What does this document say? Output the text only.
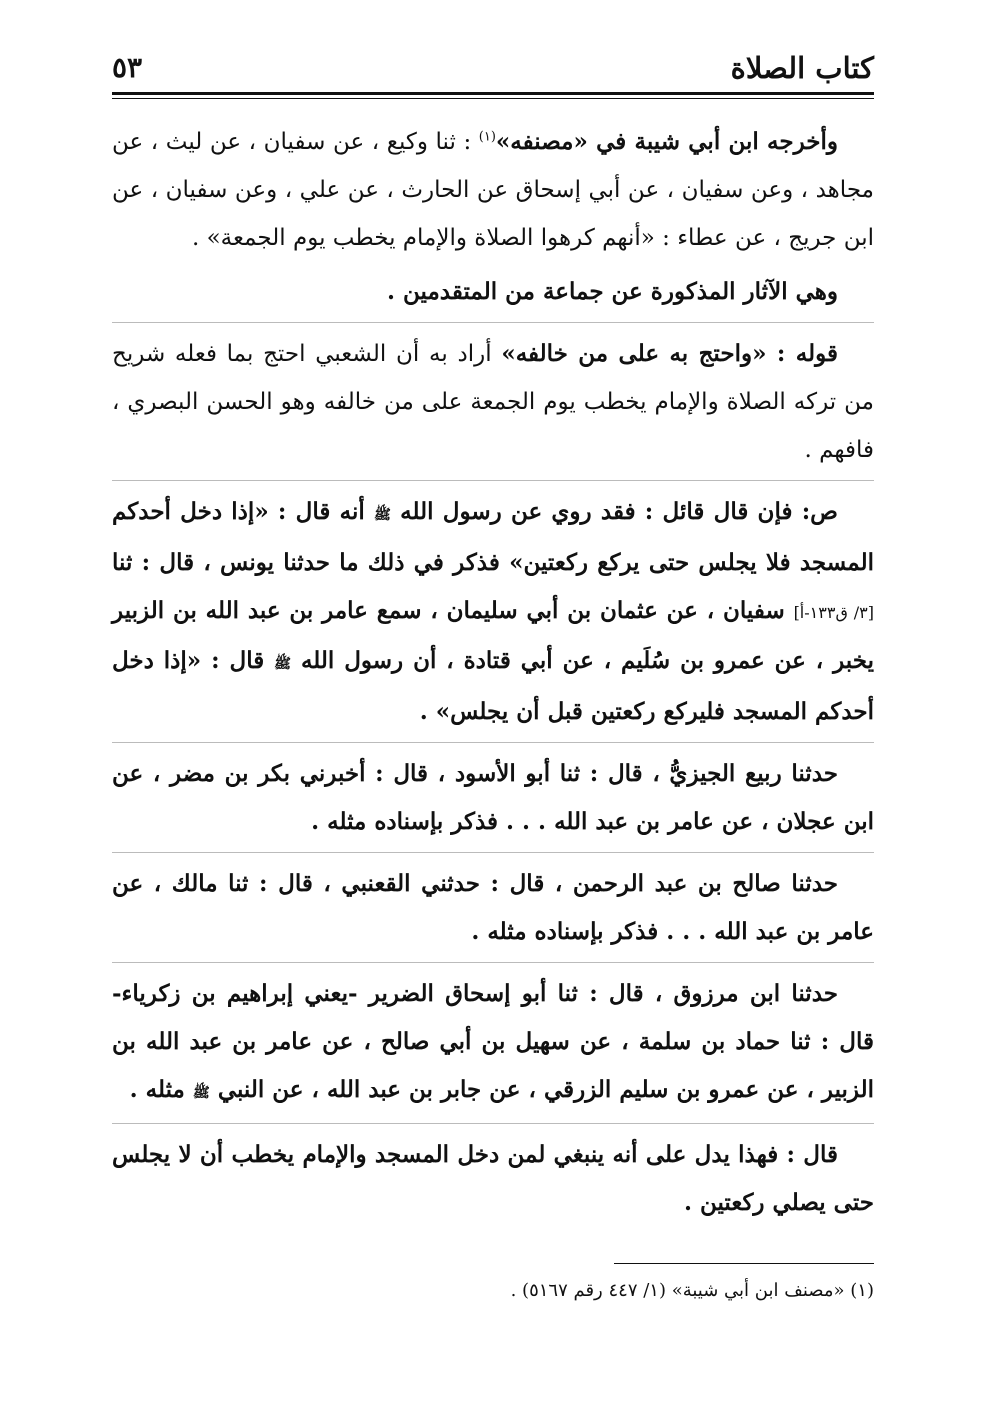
كتاب الصلاة
٥٣

وأخرجه ابن أبي شيبة في «مصنفه»$^{(١)}$ : ثنا وكيع ، عن سفيان ، عن ليث ، عن مجاهد ، وعن سفيان ، عن أبي إسحاق عن الحارث ، عن علي ، وعن سفيان ، عن ابن جريج ، عن عطاء : «أنهم كرهوا الصلاة والإمام يخطب يوم الجمعة» .

وهي الآثار المذكورة عن جماعة من المتقدمين .

قوله : «واحتج به على من خالفه» أراد به أن الشعبي احتج بما فعله شريح من تركه الصلاة والإمام يخطب يوم الجمعة على من خالفه وهو الحسن البصري ، فافهم .

ص: فإن قال قائل : فقد روي عن رسول الله ﷺ أنه قال : «إذا دخل أحدكم المسجد فلا يجلس حتى يركع ركعتين» فذكر في ذلك ما حدثنا يونس ، قال : ثنا [٣/ ق١٣٣-أ] سفيان ، عن عثمان بن أبي سليمان ، سمع عامر بن عبد الله بن الزبير يخبر ، عن عمرو بن سُلَيم ، عن أبي قتادة ، أن رسول الله ﷺ قال : «إذا دخل أحدكم المسجد فليركع ركعتين قبل أن يجلس» .

حدثنا ربيع الجيزيُّ ، قال : ثنا أبو الأسود ، قال : أخبرني بكر بن مضر ، عن ابن عجلان ، عن عامر بن عبد الله . . . فذكر بإسناده مثله .

حدثنا صالح بن عبد الرحمن ، قال : حدثني القعنبي ، قال : ثنا مالك ، عن عامر بن عبد الله . . . فذكر بإسناده مثله .

حدثنا ابن مرزوق ، قال : ثنا أبو إسحاق الضرير -يعني إبراهيم بن زكرياء- قال : ثنا حماد بن سلمة ، عن سهيل بن أبي صالح ، عن عامر بن عبد الله بن الزبير ، عن عمرو بن سليم الزرقي ، عن جابر بن عبد الله ، عن النبي ﷺ مثله .

قال : فهذا يدل على أنه ينبغي لمن دخل المسجد والإمام يخطب أن لا يجلس حتى يصلي ركعتين .

(١) «مصنف ابن أبي شيبة» (١/ ٤٤٧ رقم ٥١٦٧) .
